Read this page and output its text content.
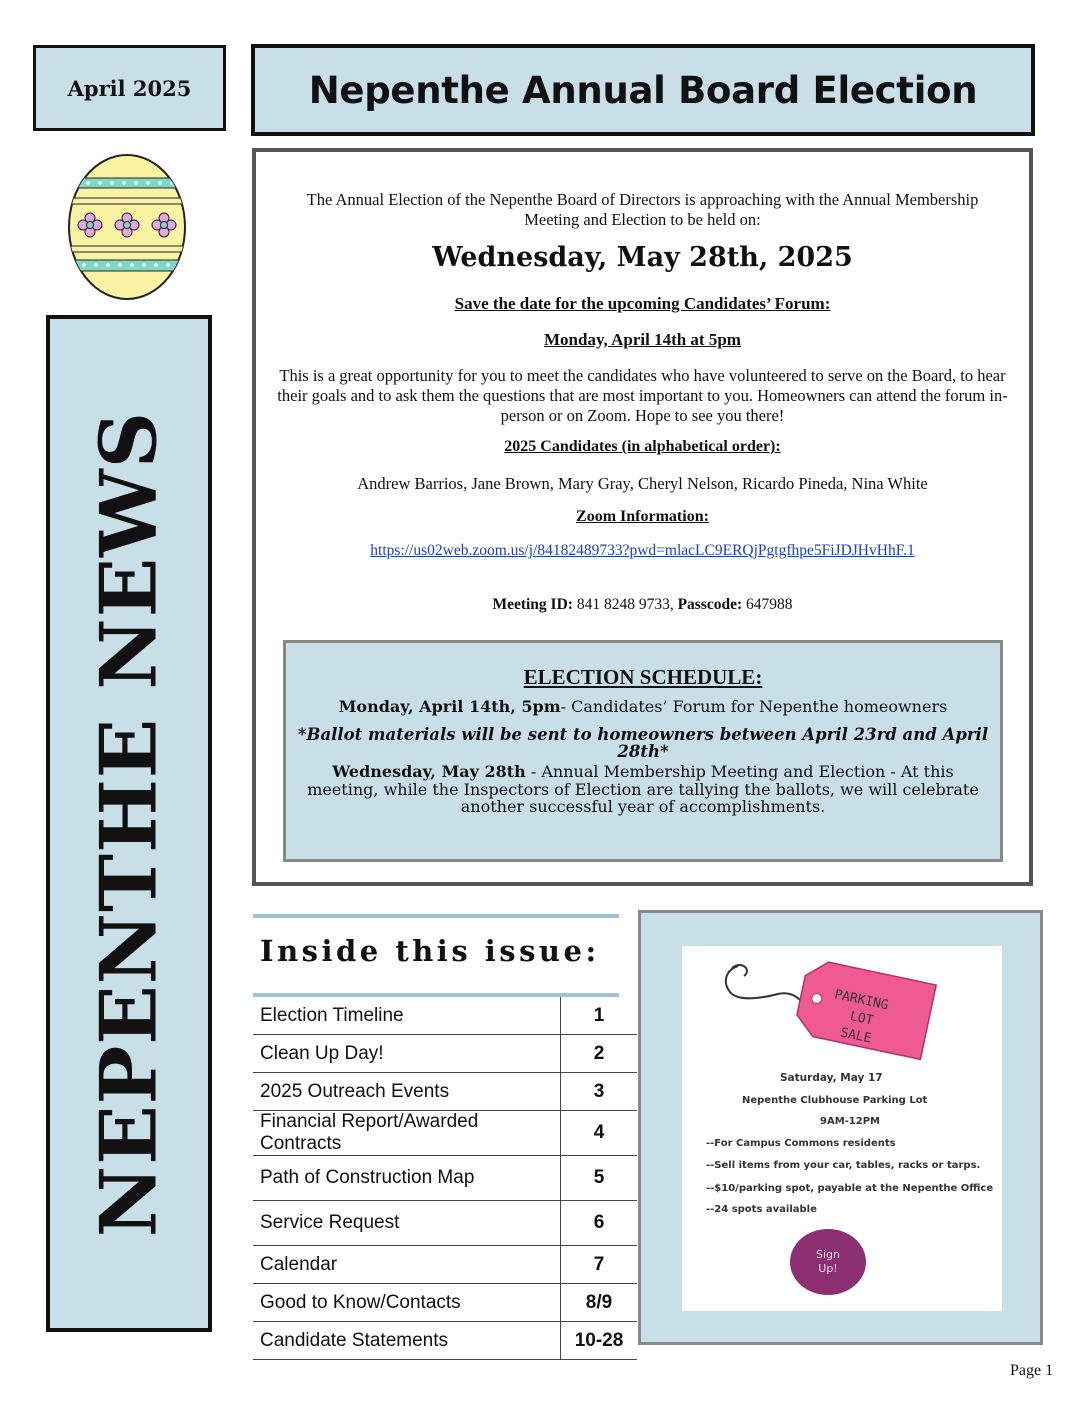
April 2025	Nepenthe Annual Board Election
NEPENTHE NEWS

The Annual Election of the Nepenthe Board of Directors is approaching with the Annual Membership Meeting and Election to be held on:

Wednesday, May 28th, 2025

Save the date for the upcoming Candidates’ Forum:

Monday, April 14th at 5pm

This is a great opportunity for you to meet the candidates who have volunteered to serve on the Board, to hear their goals and to ask them the questions that are most important to you. Homeowners can attend the forum in-person or on Zoom. Hope to see you there!

2025 Candidates (in alphabetical order):

Andrew Barrios, Jane Brown, Mary Gray, Cheryl Nelson, Ricardo Pineda, Nina White

Zoom Information:

https://us02web.zoom.us/j/84182489733?pwd=mlacLC9ERQjPgtgfhpe5FiJDJHvHhF.1

Meeting ID: 841 8248 9733, Passcode: 647988

ELECTION SCHEDULE:

Monday, April 14th, 5pm- Candidates’ Forum for Nepenthe homeowners

*Ballot materials will be sent to homeowners between April 23rd and April 28th*

Wednesday, May 28th - Annual Membership Meeting and Election - At this meeting, while the Inspectors of Election are tallying the ballots, we will celebrate another successful year of accomplishments.

Inside this issue:
Election Timeline	1
Clean Up Day!	2
2025 Outreach Events	3
Financial Report/Awarded Contracts	4
Path of Construction Map	5
Service Request	6
Calendar	7
Good to Know/Contacts	8/9
Candidate Statements	10-28
PARKING
LOT
SALE
Saturday, May 17
Nepenthe Clubhouse Parking Lot
9AM-12PM
--For Campus Commons residents
--Sell items from your car, tables, racks or tarps.
--$10/parking spot, payable at the Nepenthe Office
--24 spots available
Sign
Up!
Page 1
